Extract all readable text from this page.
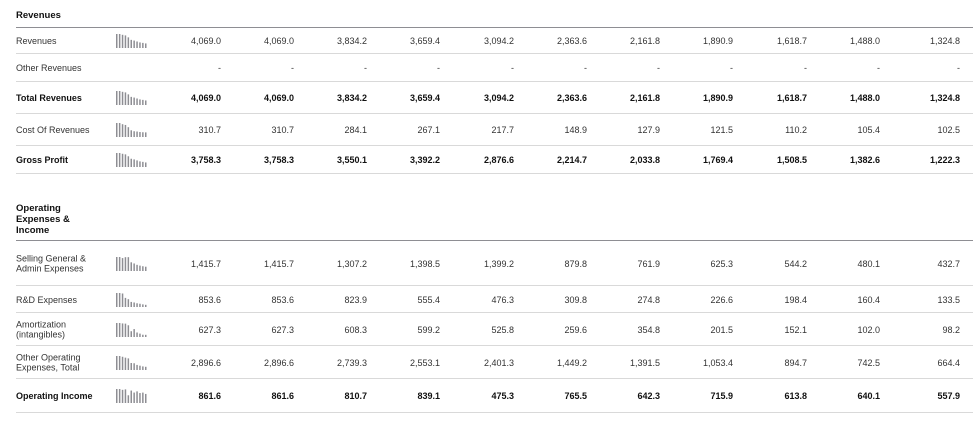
Revenues
Revenues	4,069.0	4,069.0	3,834.2	3,659.4	3,094.2	2,363.6	2,161.8	1,890.9	1,618.7	1,488.0	1,324.8
Other Revenues	-	-	-	-	-	-	-	-	-	-	-
Total Revenues	4,069.0	4,069.0	3,834.2	3,659.4	3,094.2	2,363.6	2,161.8	1,890.9	1,618.7	1,488.0	1,324.8
Cost Of Revenues	310.7	310.7	284.1	267.1	217.7	148.9	127.9	121.5	110.2	105.4	102.5
Gross Profit	3,758.3	3,758.3	3,550.1	3,392.2	2,876.6	2,214.7	2,033.8	1,769.4	1,508.5	1,382.6	1,222.3
Operating Expenses & Income
Selling General & Admin Expenses	1,415.7	1,415.7	1,307.2	1,398.5	1,399.2	879.8	761.9	625.3	544.2	480.1	432.7
R&D Expenses	853.6	853.6	823.9	555.4	476.3	309.8	274.8	226.6	198.4	160.4	133.5
Amortization (intangibles)	627.3	627.3	608.3	599.2	525.8	259.6	354.8	201.5	152.1	102.0	98.2
Other Operating Expenses, Total	2,896.6	2,896.6	2,739.3	2,553.1	2,401.3	1,449.2	1,391.5	1,053.4	894.7	742.5	664.4
Operating Income	861.6	861.6	810.7	839.1	475.3	765.5	642.3	715.9	613.8	640.1	557.9
